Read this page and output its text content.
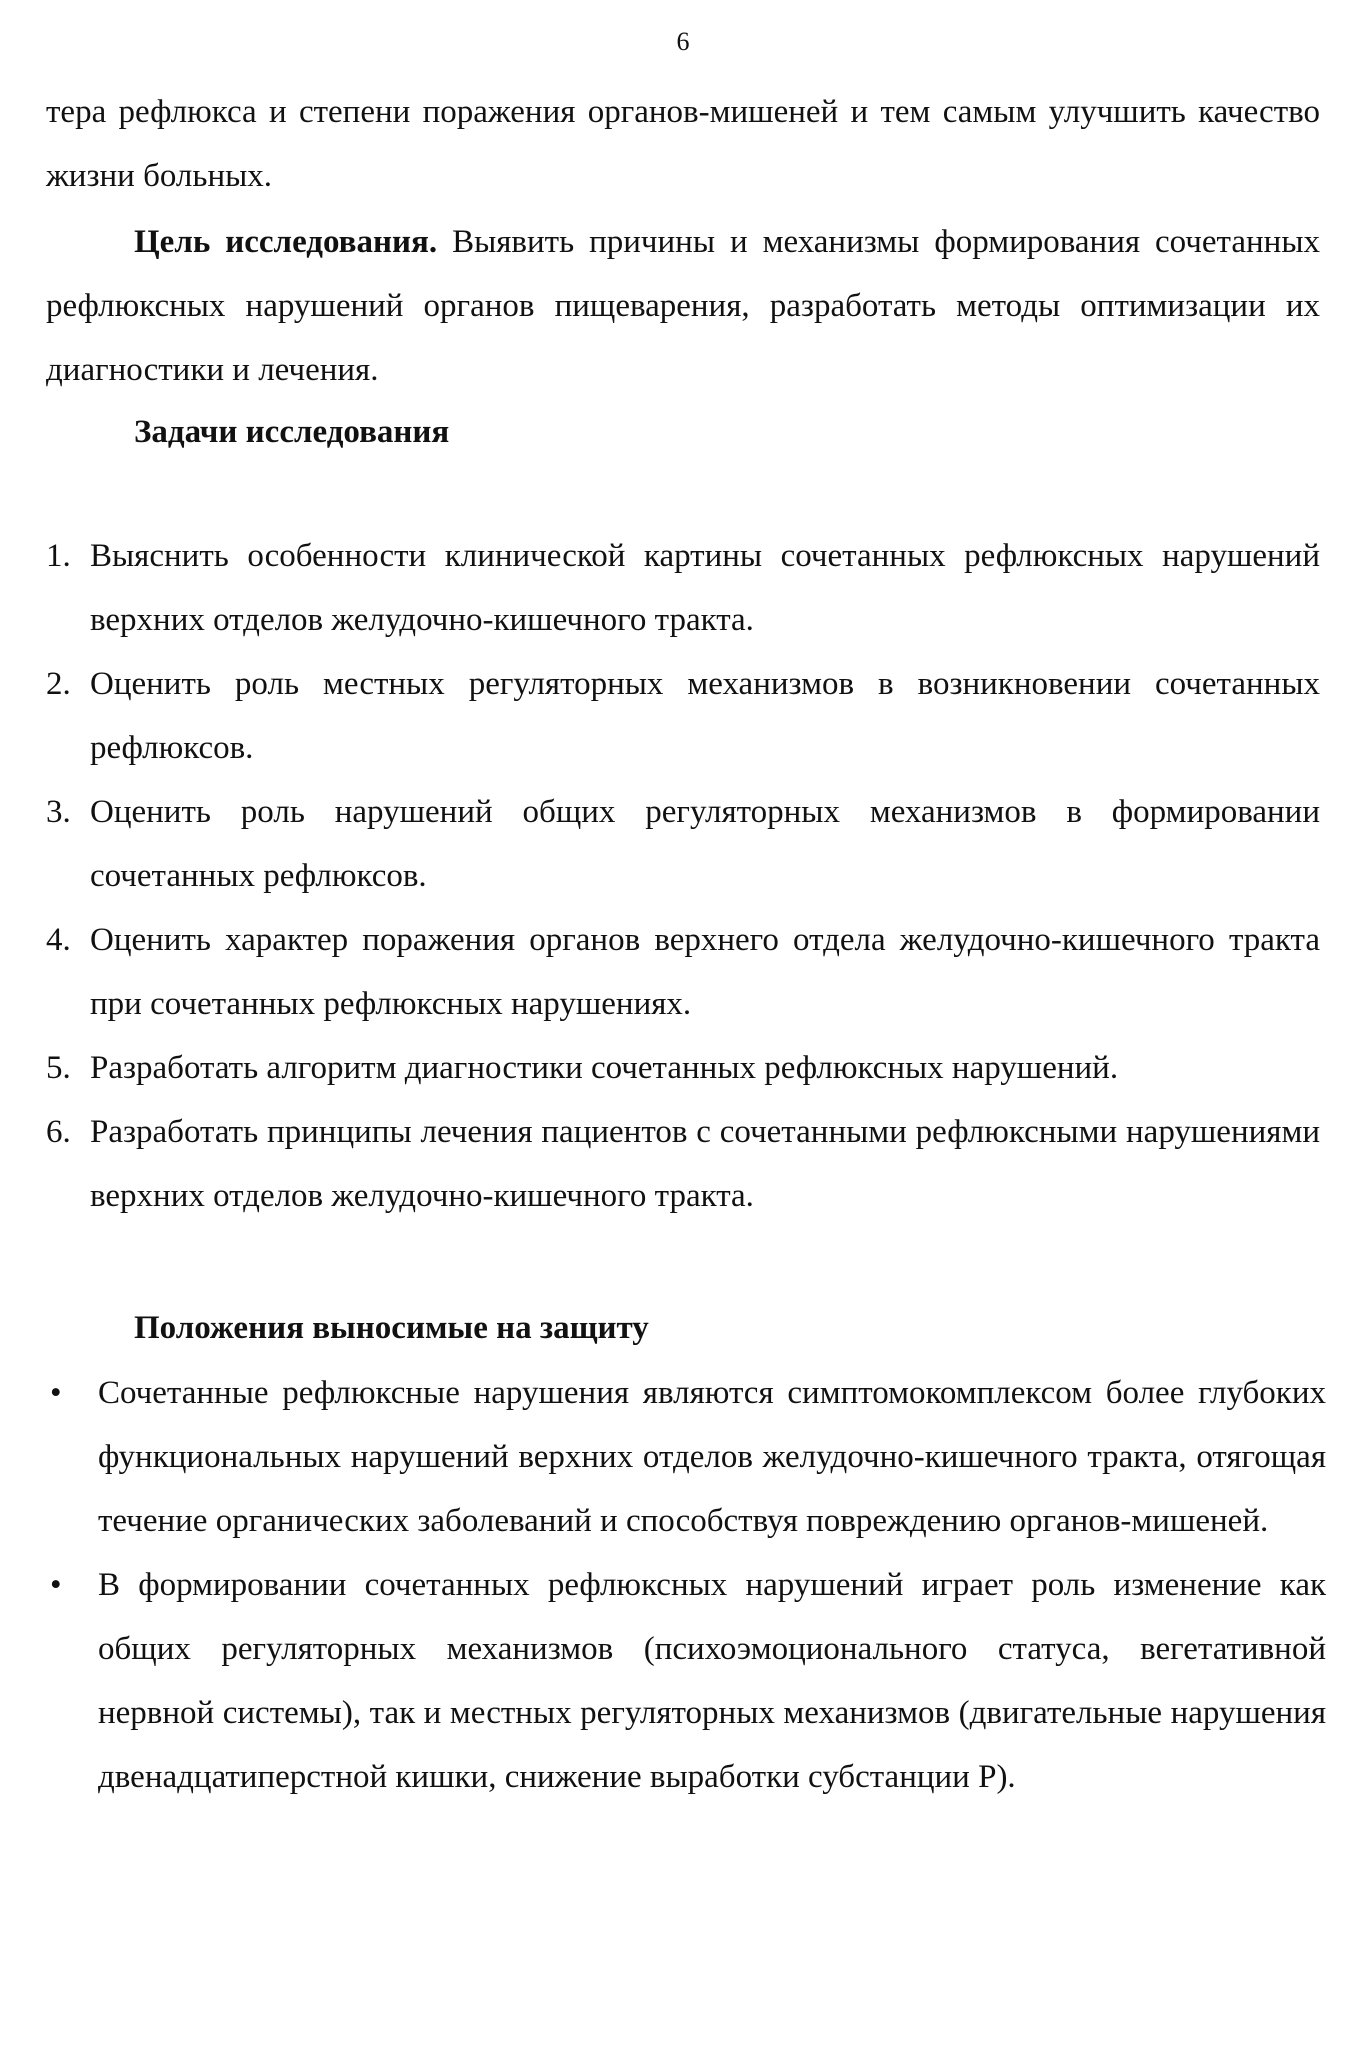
6

тера рефлюкса и степени поражения органов-мишеней и тем самым улучшить качество жизни больных.

Цель исследования. Выявить причины и механизмы формирования сочетанных рефлюксных нарушений органов пищеварения, разработать методы оптимизации их диагностики и лечения.

Задачи исследования

1. Выяснить особенности клинической картины сочетанных рефлюксных нарушений верхних отделов желудочно-кишечного тракта.
2. Оценить роль местных регуляторных механизмов в возникновении сочетанных рефлюксов.
3. Оценить роль нарушений общих регуляторных механизмов в формировании сочетанных рефлюксов.
4. Оценить характер поражения органов верхнего отдела желудочно-кишечного тракта при сочетанных рефлюксных нарушениях.
5. Разработать алгоритм диагностики сочетанных рефлюксных нарушений.
6. Разработать принципы лечения пациентов с сочетанными рефлюксными нарушениями верхних отделов желудочно-кишечного тракта.

Положения выносимые на защиту

• Сочетанные рефлюксные нарушения являются симптомокомплексом более глубоких функциональных нарушений верхних отделов желудочно-кишечного тракта, отягощая течение органических заболеваний и способствуя повреждению органов-мишеней.
• В формировании сочетанных рефлюксных нарушений играет роль изменение как общих регуляторных механизмов (психоэмоционального статуса, вегетативной нервной системы), так и местных регуляторных механизмов (двигательные нарушения двенадцатиперстной кишки, снижение выработки субстанции Р).
